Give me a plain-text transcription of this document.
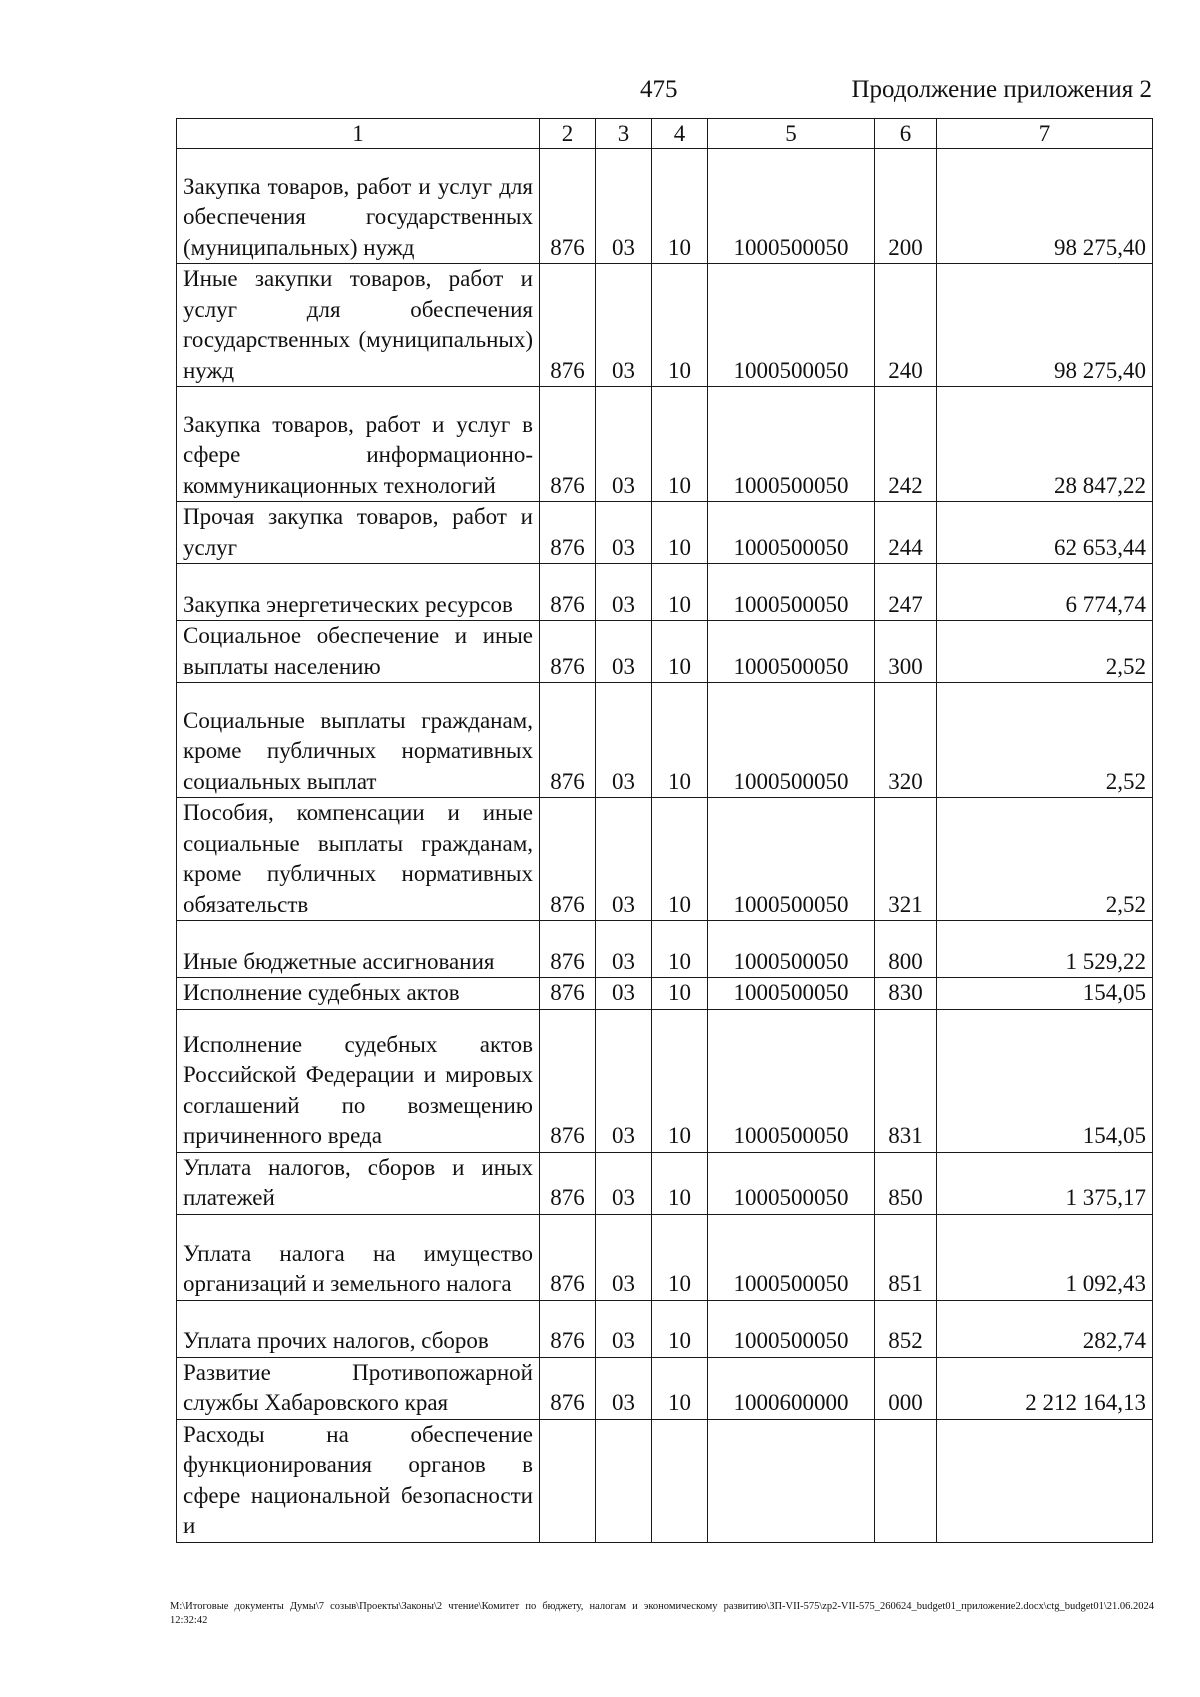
475	Продолжение приложения 2
1	2	3	4	5	6	7
Закупка товаров, работ и услуг для обеспечения государственных (муниципальных) нужд	876	03	10	1000500050	200	98 275,40
Иные закупки товаров, работ и услуг для обеспечения государственных (муниципальных) нужд	876	03	10	1000500050	240	98 275,40
Закупка товаров, работ и услуг в сфере информационно-коммуникационных технологий	876	03	10	1000500050	242	28 847,22
Прочая закупка товаров, работ и услуг	876	03	10	1000500050	244	62 653,44
Закупка энергетических ресурсов	876	03	10	1000500050	247	6 774,74
Социальное обеспечение и иные выплаты населению	876	03	10	1000500050	300	2,52
Социальные выплаты гражданам, кроме публичных нормативных социальных выплат	876	03	10	1000500050	320	2,52
Пособия, компенсации и иные социальные выплаты гражданам, кроме публичных нормативных обязательств	876	03	10	1000500050	321	2,52
Иные бюджетные ассигнования	876	03	10	1000500050	800	1 529,22
Исполнение судебных актов	876	03	10	1000500050	830	154,05
Исполнение судебных актов Российской Федерации и мировых соглашений по возмещению причиненного вреда	876	03	10	1000500050	831	154,05
Уплата налогов, сборов и иных платежей	876	03	10	1000500050	850	1 375,17
Уплата налога на имущество организаций и земельного налога	876	03	10	1000500050	851	1 092,43
Уплата прочих налогов, сборов	876	03	10	1000500050	852	282,74
Развитие Противопожарной службы Хабаровского края	876	03	10	1000600000	000	2 212 164,13
Расходы на обеспечение функционирования органов в сфере национальной безопасности и						
M:\Итоговые документы Думы\7 созыв\Проекты\Законы\2 чтение\Комитет по бюджету, налогам и экономическому развитию\ЗП-VII-575\zp2-VII-575_260624_budget01_приложение2.docx\ctg_budget01\21.06.2024 12:32:42
